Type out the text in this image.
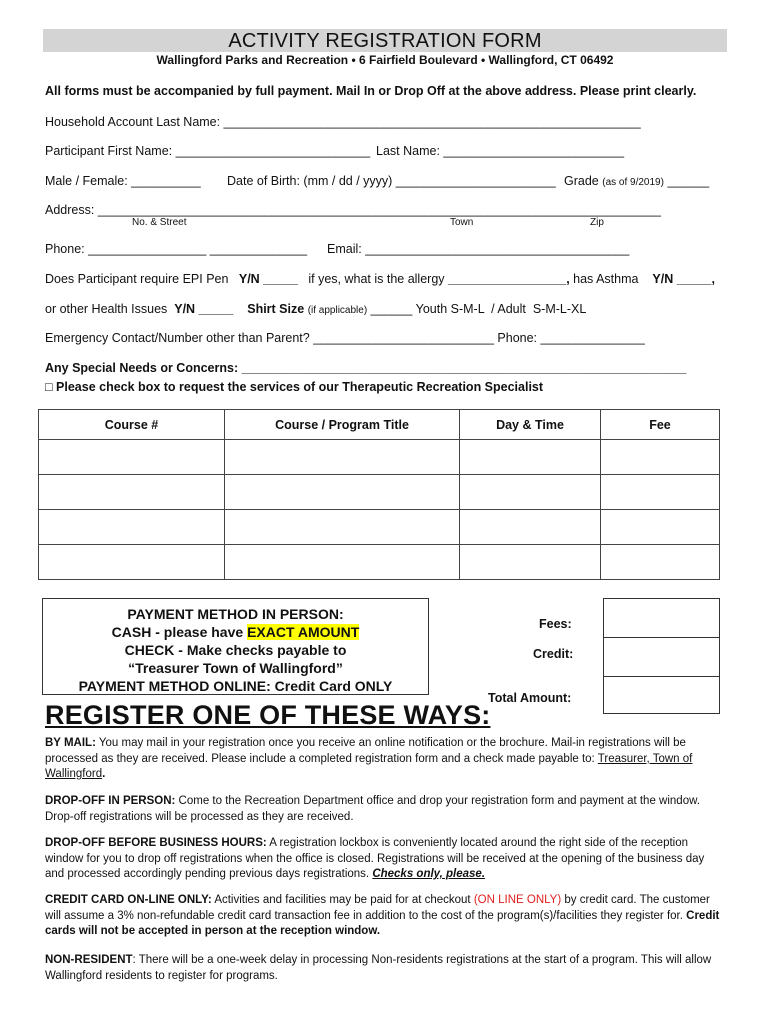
ACTIVITY REGISTRATION FORM
Wallingford Parks and Recreation • 6 Fairfield Boulevard • Wallingford, CT 06492
All forms must be accompanied by full payment. Mail In or Drop Off at the above address. Please print clearly.
Household Account Last Name: ____________________________________________________________
Participant First Name: ____________________________ Last Name: __________________________
Male / Female: __________ Date of Birth: (mm / dd / yyyy) _______________________ Grade (as of 9/2019) ______
Address: _________________________________________________________________________________
No. & Street	Town	Zip
Phone: _________________ ______________ Email: ______________________________________
Does Participant require EPI Pen Y/N _____ if yes, what is the allergy _________________, has Asthma Y/N _____,
or other Health Issues Y/N _____ Shirt Size (if applicable) ______ Youth S-M-L  / Adult  S-M-L-XL
Emergency Contact/Number other than Parent? __________________________ Phone: _______________
Any Special Needs or Concerns: ________________________________________________________________
□ Please check box to request the services of our Therapeutic Recreation Specialist
Course #	Course / Program Title	Day & Time	Fee

PAYMENT METHOD IN PERSON:
CASH - please have EXACT AMOUNT
CHECK - Make checks payable to
“Treasurer Town of Wallingford”
PAYMENT METHOD ONLINE: Credit Card ONLY
Fees:
Credit:
Total Amount:
REGISTER ONE OF THESE WAYS:
BY MAIL: You may mail in your registration once you receive an online notification or the brochure. Mail-in registrations will be processed as they are received. Please include a completed registration form and a check made payable to: Treasurer, Town of Wallingford.
DROP-OFF IN PERSON: Come to the Recreation Department office and drop your registration form and payment at the window. Drop-off registrations will be processed as they are received.
DROP-OFF BEFORE BUSINESS HOURS: A registration lockbox is conveniently located around the right side of the reception window for you to drop off registrations when the office is closed. Registrations will be received at the opening of the business day and processed accordingly pending previous days registrations. Checks only, please.
CREDIT CARD ON-LINE ONLY: Activities and facilities may be paid for at checkout (ON LINE ONLY) by credit card. The customer will assume a 3% non-refundable credit card transaction fee in addition to the cost of the program(s)/facilities they register for. Credit cards will not be accepted in person at the reception window.
NON-RESIDENT: There will be a one-week delay in processing Non-residents registrations at the start of a program. This will allow Wallingford residents to register for programs.
